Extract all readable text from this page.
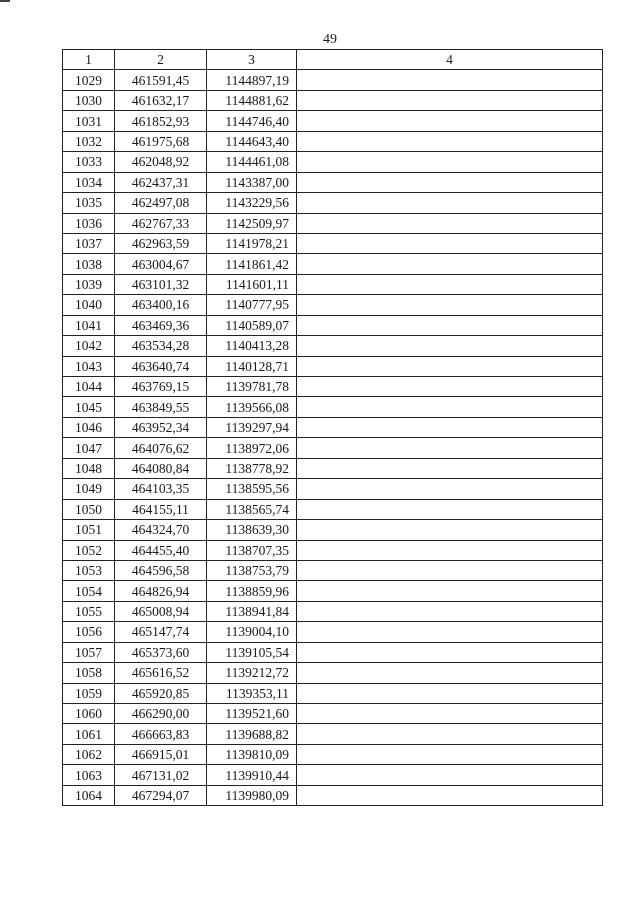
49
1	2	3	4
1029	461591,45	1144897,19	
1030	461632,17	1144881,62	
1031	461852,93	1144746,40	
1032	461975,68	1144643,40	
1033	462048,92	1144461,08	
1034	462437,31	1143387,00	
1035	462497,08	1143229,56	
1036	462767,33	1142509,97	
1037	462963,59	1141978,21	
1038	463004,67	1141861,42	
1039	463101,32	1141601,11	
1040	463400,16	1140777,95	
1041	463469,36	1140589,07	
1042	463534,28	1140413,28	
1043	463640,74	1140128,71	
1044	463769,15	1139781,78	
1045	463849,55	1139566,08	
1046	463952,34	1139297,94	
1047	464076,62	1138972,06	
1048	464080,84	1138778,92	
1049	464103,35	1138595,56	
1050	464155,11	1138565,74	
1051	464324,70	1138639,30	
1052	464455,40	1138707,35	
1053	464596,58	1138753,79	
1054	464826,94	1138859,96	
1055	465008,94	1138941,84	
1056	465147,74	1139004,10	
1057	465373,60	1139105,54	
1058	465616,52	1139212,72	
1059	465920,85	1139353,11	
1060	466290,00	1139521,60	
1061	466663,83	1139688,82	
1062	466915,01	1139810,09	
1063	467131,02	1139910,44	
1064	467294,07	1139980,09	
